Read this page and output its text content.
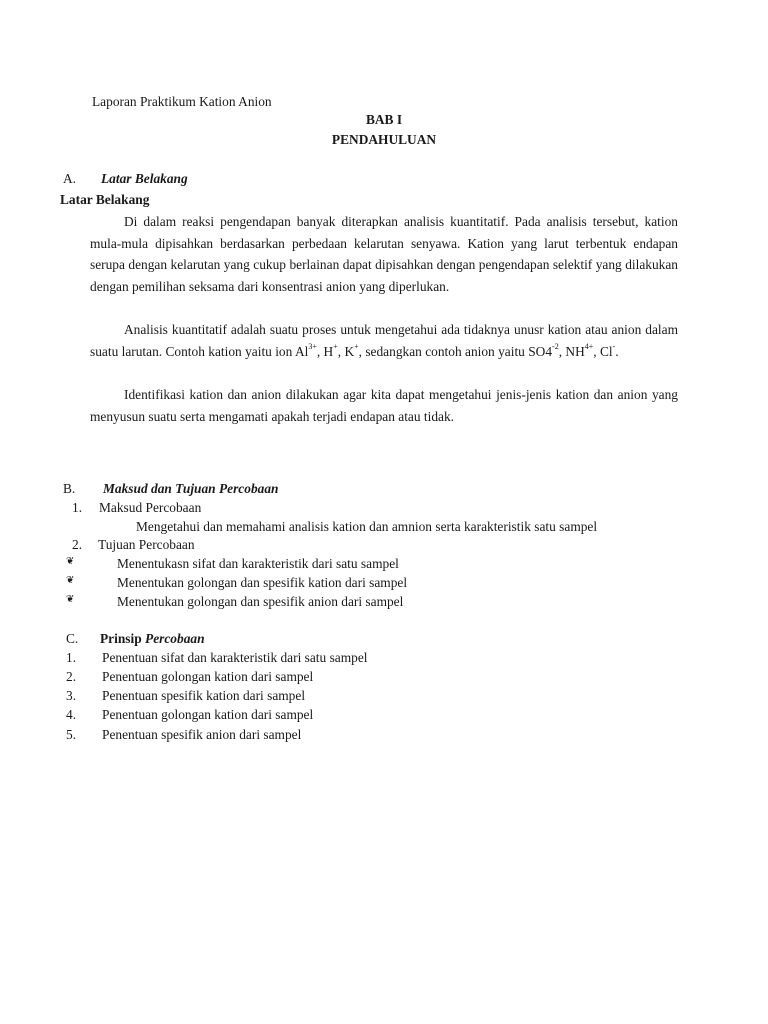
Laporan Praktikum Kation Anion
BAB I
PENDAHULUAN
A. Latar Belakang
Latar Belakang
Di dalam reaksi pengendapan banyak diterapkan analisis kuantitatif. Pada analisis tersebut, kation mula-mula dipisahkan berdasarkan perbedaan kelarutan senyawa. Kation yang larut terbentuk endapan serupa dengan kelarutan yang cukup berlainan dapat dipisahkan dengan pengendapan selektif yang dilakukan dengan pemilihan seksama dari konsentrasi anion yang diperlukan.
Analisis kuantitatif adalah suatu proses untuk mengetahui ada tidaknya unusr kation atau anion dalam suatu larutan. Contoh kation yaitu ion $Al^{3+}$, H+, K+, sedangkan contoh anion yaitu $SO4^{-2}$, $NH^{4+}$, Cl-.
Identifikasi kation dan anion dilakukan agar kita dapat mengetahui jenis-jenis kation dan anion yang menyusun suatu serta mengamati apakah terjadi endapan atau tidak.
B. Maksud dan Tujuan Percobaan
1. Maksud Percobaan
Mengetahui dan memahami analisis kation dan amnion serta karakteristik satu sampel
2. Tujuan Percobaan
❦	Menentukasn sifat dan karakteristik dari satu sampel
❦	Menentukan golongan dan spesifik kation dari sampel
❦	Menentukan golongan dan spesifik anion dari sampel
C. Prinsip Percobaan
1. Penentuan sifat dan karakteristik dari satu sampel
2. Penentuan golongan kation dari sampel
3. Penentuan spesifik kation dari sampel
4. Penentuan golongan kation dari sampel
5. Penentuan spesifik anion dari sampel
